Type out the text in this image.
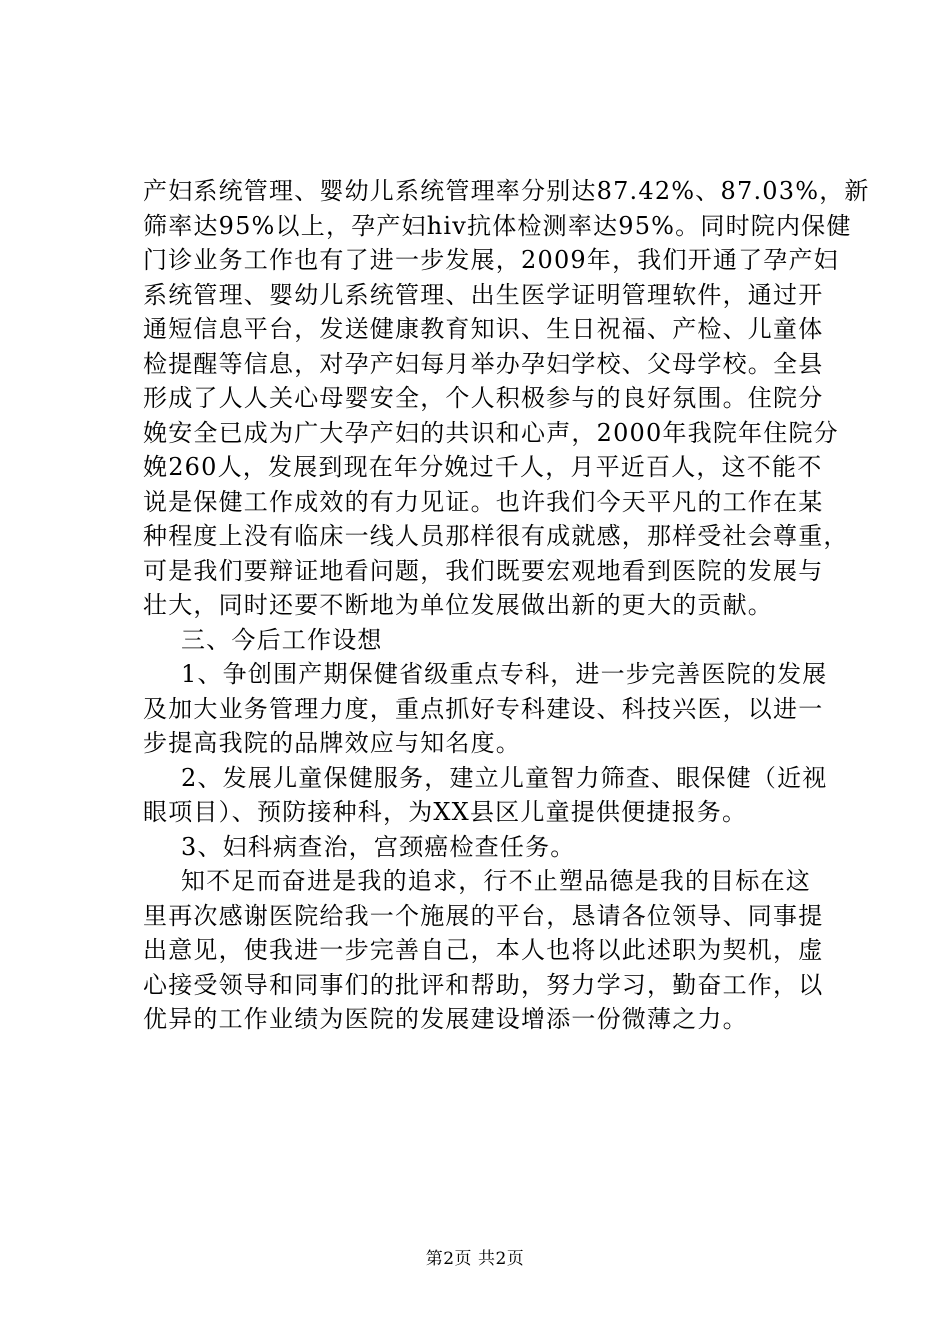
产妇系统管理、婴幼儿系统管理率分别达87.42%、87.03%，新
筛率达95%以上，孕产妇hiv抗体检测率达95%。同时院内保健
门诊业务工作也有了进一步发展，2009年，我们开通了孕产妇
系统管理、婴幼儿系统管理、出生医学证明管理软件，通过开
通短信息平台，发送健康教育知识、生日祝福、产检、儿童体
检提醒等信息，对孕产妇每月举办孕妇学校、父母学校。全县
形成了人人关心母婴安全，个人积极参与的良好氛围。住院分
娩安全已成为广大孕产妇的共识和心声，2000年我院年住院分
娩260人，发展到现在年分娩过千人，月平近百人，这不能不
说是保健工作成效的有力见证。也许我们今天平凡的工作在某
种程度上没有临床一线人员那样很有成就感，那样受社会尊重，
可是我们要辩证地看问题，我们既要宏观地看到医院的发展与
壮大，同时还要不断地为单位发展做出新的更大的贡献。
三、今后工作设想
1、争创围产期保健省级重点专科，进一步完善医院的发展
及加大业务管理力度，重点抓好专科建设、科技兴医，以进一
步提高我院的品牌效应与知名度。
2、发展儿童保健服务，建立儿童智力筛查、眼保健（近视
眼项目）、预防接种科，为XX县区儿童提供便捷报务。
3、妇科病查治，宫颈癌检查任务。
知不足而奋进是我的追求，行不止塑品德是我的目标在这
里再次感谢医院给我一个施展的平台，恳请各位领导、同事提
出意见，使我进一步完善自己，本人也将以此述职为契机，虚
心接受领导和同事们的批评和帮助，努力学习，勤奋工作，以
优异的工作业绩为医院的发展建设增添一份微薄之力。
第2页 共2页
